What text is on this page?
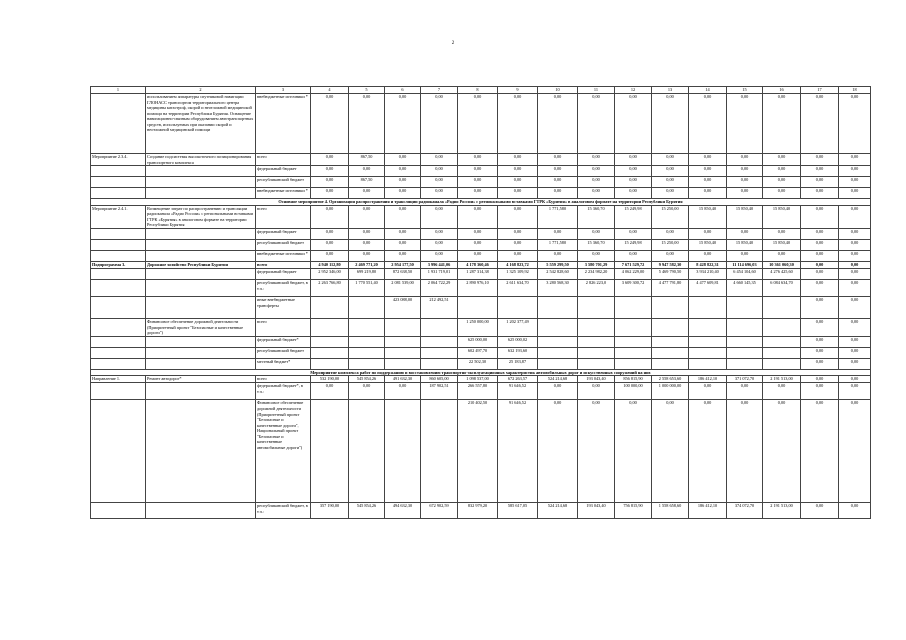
2
1	2	3	4	5	6	7	8	9	10	11	12	13	14	15	16	17	18
	использованием аппаратуры спутниковой навигации ГЛОНАСС транспортом территориального центра медицины катастроф, скорой и неотложной медицинской помощи на территории Республики Бурятия. Оснащение навигационно-связным оборудованием автотранспортных средств, используемых при оказании скорой и неотложной медицинской помощи	внебюджетные источники *	0,00	0,00	0,00	0,00	0,00	0,00	0,00	0,00	0,00	0,00	0,00	0,00	0,00	0,00	0,00
Мероприятие 2.3.4.	Создание подсистемы высокоточного позиционирования транспортного комплекса	всего	0,00	867,50	0,00	0,00	0,00	0,00	0,00	0,00	0,00	0,00	0,00	0,00	0,00	0,00	0,00
		федеральный бюджет	0,00	0,00	0,00	0,00	0,00	0,00	0,00	0,00	0,00	0,00	0,00	0,00	0,00	0,00	0,00
		республиканский бюджет	0,00	867,50	0,00	0,00	0,00	0,00	0,00	0,00	0,00	0,00	0,00	0,00	0,00	0,00	0,00
		внебюджетные источники *	0,00	0,00	0,00	0,00	0,00	0,00	0,00	0,00	0,00	0,00	0,00	0,00	0,00	0,00	0,00
Основное мероприятие 4. Организация распространения и трансляции радиоканала «Радио России» с региональными вставками ГТРК «Бурятия» в аналоговом формате на территории Республики Бурятия																	
Мероприятие 2.4.1.	Возмещение затрат по распространению и трансляции радиоканала «Радио России» с региональными вставками ГТРК «Бурятия» в аналоговом формате на территории Республики Бурятия	всего	0,00	0,00	0,00	0,00	0,00	0,00	1 771,580	15 360,70	15 249,98	15 250,00	15 850,40	15 850,40	15 850,40	0,00	0,00
		федеральный бюджет	0,00	0,00	0,00	0,00	0,00	0,00	0,00	0,00	0,00	0,00	0,00	0,00	0,00	0,00	0,00
		республиканский бюджет	0,00	0,00	0,00	0,00	0,00	0,00	1 771,580	15 360,70	15 249,98	15 250,00	15 850,40	15 850,40	15 850,40	0,00	0,00
		внебюджетные источники *	0,00	0,00	0,00	0,00	0,00	0,00	0,00	0,00	0,00	0,00	0,00	0,00	0,00	0,00	0,00
Подпрограмма 3.	Дорожное хозяйство Республики Бурятия	всего	4 940 112,80	2 469 771,20	2 954 177,50	3 996 441,06	4 178 360,46	4 168 823,72	5 559 299,50	3 580 701,29	7 671 529,72	9 947 582,30	8 428 822,31	11 114 696,03	10 361 060,30	0,00	0,00
		федеральный бюджет	2 952 346,00	699 219,80	872 638,50	1 931 719,01	1 287 314,38	1 325 109,92	2 542 828,60	2 234 982,20	4 062 229,00	5 469 790,50	3 934 210,40	6 454 104,60	4 276 425,60	0,00	0,00
		республиканский бюджет, в т.ч.:	2 263 766,80	1 770 551,40	2 081 539,00	2 064 722,29	2 890 976,10	2 611 634,70	3 280 568,30	2 826 223,0	3 609 300,72	4 477 791,80	4 477 609,81	4 660 145,35	6 084 634,70	0,00	0,00
		иные внебюджетные трансферты			423 088,00	212 492,51										0,00	0,00
	Финансовое обеспечение дорожной деятельности (Приоритетный проект "Безопасные и качественные дороги")	всего					1 250 000,00	1 202 377,49								0,00	0,00
		федеральный бюджет*					625 000,00	625 000,02								0,00	0,00
		республиканский бюджет					602 497,70	632 193,60								0,00	0,00
		местный бюджет*					22 502,30	25 183,87								0,00	0,00
Мероприятие комплекса работ по поддержанию и восстановлению транспортно-эксплуатационных характеристик автомобильных дорог и искусственных сооружений на них																	
Направление 1.	Ремонт автодорог*	всего	532 190,00	545 854,26	491 632,30	860 605,00	1 098 537,00	672 263,57	524 214,68	193 043,40	856 815,90	2 558 653,60	186 412,10	371 072,70	2 191 513,00	0,00	0,00
		федеральный бюджет*, в т.ч.:	0,00	0,00	0,00	187 902,51	266 557,80	91 646,52	0,00	0,00	100 000,00	1 000 000,00	0,00	0,00	0,00	0,00	0,00
		Финансовое обеспечение дорожной деятельности (Приоритетный проект "Безопасные и качественные дороги", Национальный проект "Безопасные и качественные автомобильные дороги")					210 402,50	91 646,52	0,00	0,00	0,00	0,00	0,00	0,00	0,00	0,00	0,00
		республиканский бюджет, в т.ч.:	357 190,00	545 854,26	494 632,30	672 902,59	832 979,20	585 617,05	524 214,68	193 043,40	756 815,90	1 558 658,60	186 412,10	374 072,70	2 191 513,00	0,00	0,00
